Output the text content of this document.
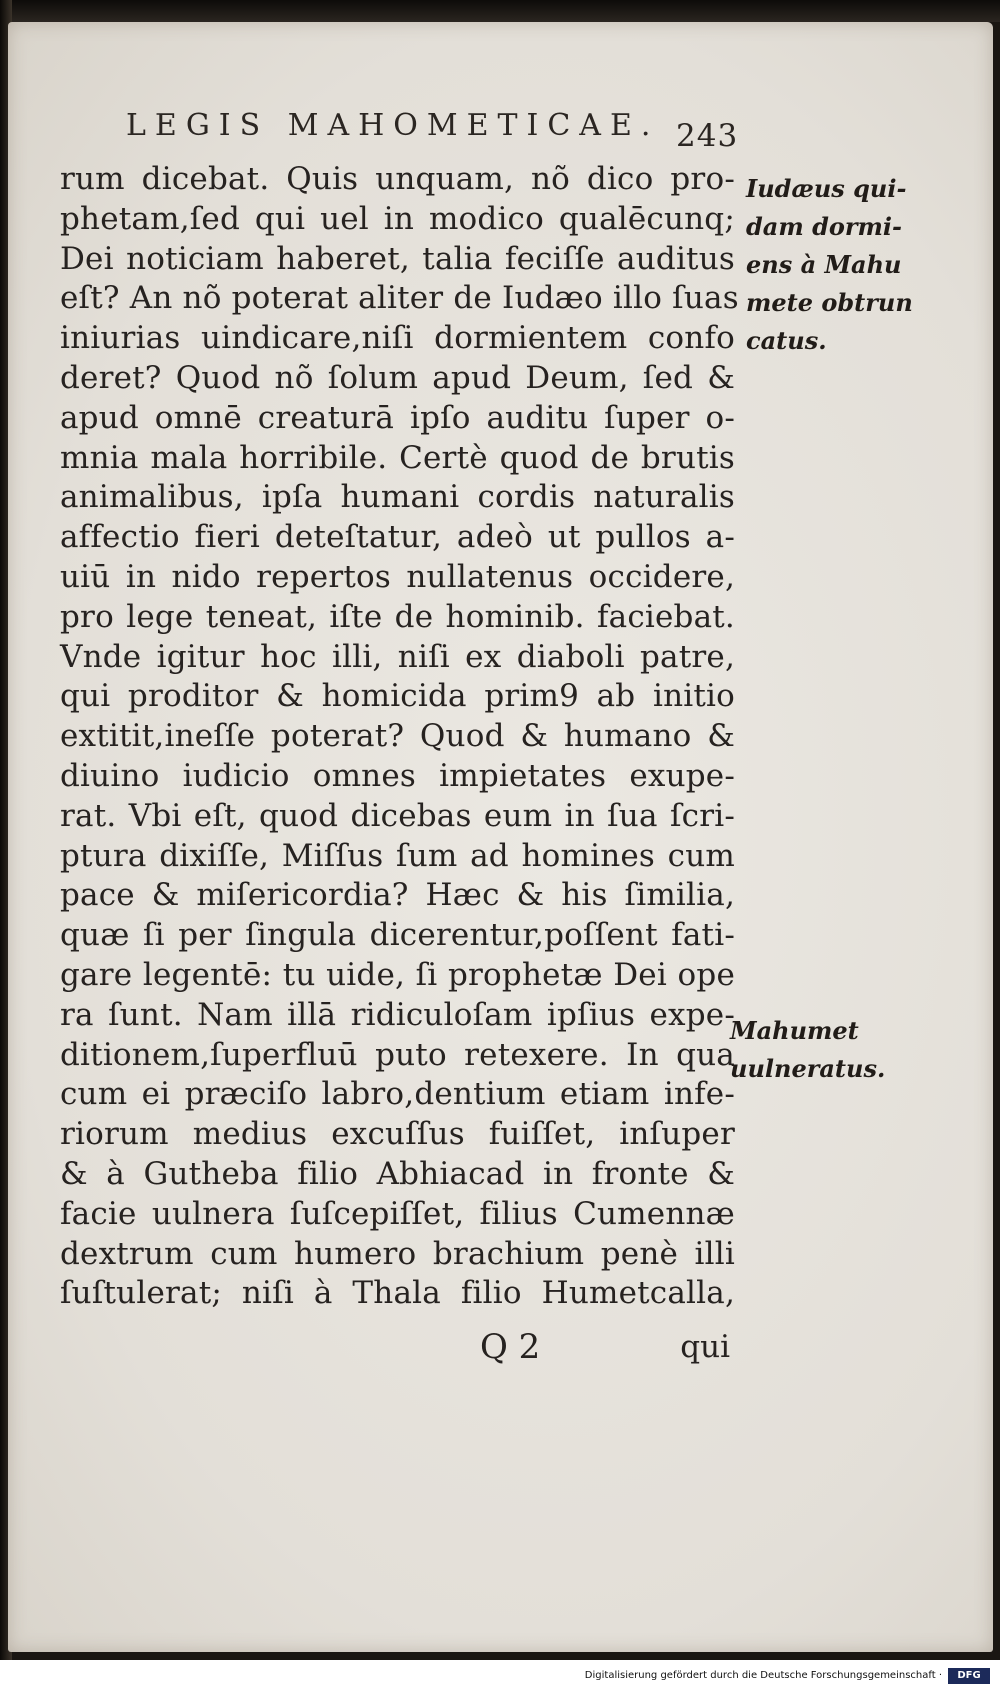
LEGIS MAHOMETICAE. 243
rum dicebat. Quis unquam, nõ dico pro-
phetam,ſed qui uel in modico qualēcunq;
Dei noticiam haberet, talia feciſſe auditus
eſt? An nõ poterat aliter de Iudæo illo ſuas
iniurias uindicare,niſi dormientem confo
deret? Quod nõ ſolum apud Deum, ſed &
apud omnē creaturā ipſo auditu ſuper o-
mnia mala horribile. Certè quod de brutis
animalibus, ipſa humani cordis naturalis
affectio fieri deteſtatur, adeò ut pullos a-
uiū in nido repertos nullatenus occidere,
pro lege teneat, iſte de hominib. faciebat.
Vnde igitur hoc illi, niſi ex diaboli patre,
qui proditor & homicida prim9 ab initio
extitit,ineſſe poterat? Quod & humano &
diuino iudicio omnes impietates exupe-
rat. Vbi eſt, quod dicebas eum in ſua ſcri-
ptura dixiſſe, Miſſus ſum ad homines cum
pace & miſericordia? Hæc & his ſimilia,
quæ ſi per ſingula dicerentur,poſſent fati-
gare legentē: tu uide, ſi prophetæ Dei ope
ra ſunt. Nam illā ridiculoſam ipſius expe-
ditionem,ſuperfluū puto retexere. In qua
cum ei præciſo labro,dentium etiam infe-
riorum medius excuſſus fuiſſet, inſuper
& à Gutheba filio Abhiacad in fronte &
facie uulnera ſuſcepiſſet, filius Cumennæ
dextrum cum humero brachium penè illi
ſuſtulerat; niſi à Thala filio Humetcalla,
Iudæus qui-
dam dormi-
ens à Mahu
mete obtrun
catus.
Mahumet
uulneratus.
Q 2	qui
Digitalisierung gefördert durch die Deutsche Forschungsgemeinschaft ·	DFG
